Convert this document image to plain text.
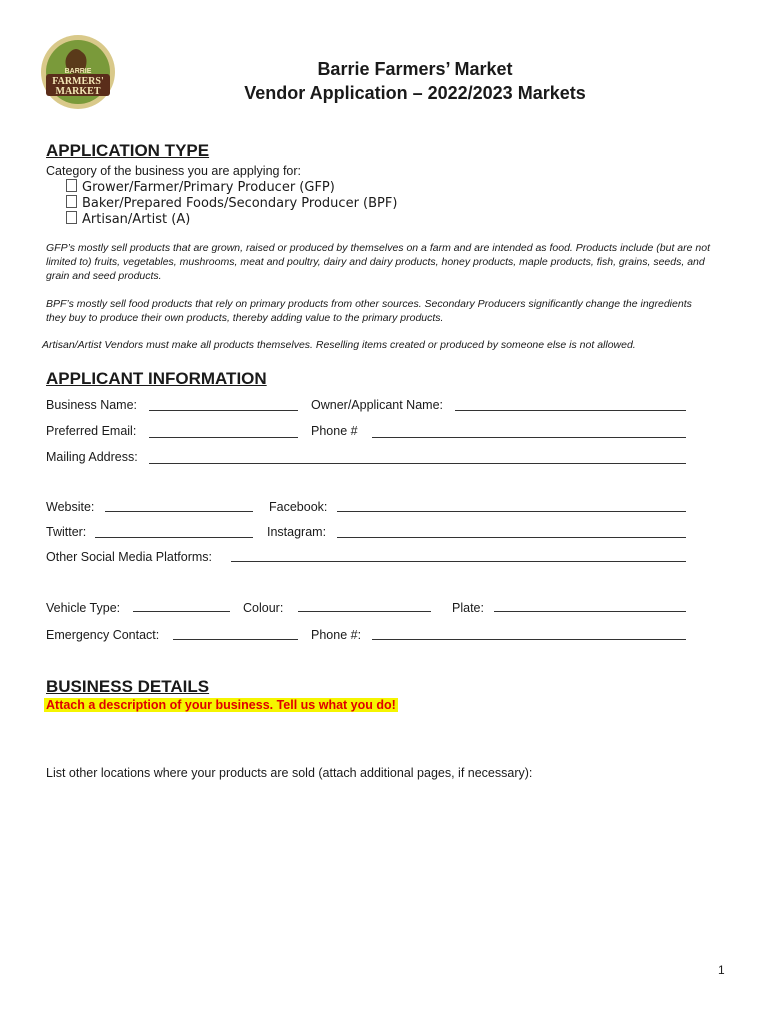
BARRIE
FARMERS'
MARKET
Barrie Farmers’ Market
Vendor Application – 2022/2023 Markets
APPLICATION TYPE
Category of the business you are applying for:
Grower/Farmer/Primary Producer (GFP)
Baker/Prepared Foods/Secondary Producer (BPF)
Artisan/Artist (A)
GFP’s mostly sell products that are grown, raised or produced by themselves on a farm and are intended as food. Products include (but are not limited to) fruits, vegetables, mushrooms, meat and poultry, dairy and dairy products, honey products, maple products, fish, grains, seeds, and grain and seed products.
BPF’s mostly sell food products that rely on primary products from other sources. Secondary Producers significantly change the ingredients they buy to produce their own products, thereby adding value to the primary products.
Artisan/Artist Vendors must make all products themselves. Reselling items created or produced by someone else is not allowed.
APPLICANT INFORMATION
Business Name:	Owner/Applicant Name:
Preferred Email:	Phone #
Mailing Address:
Website:	Facebook:
Twitter:	Instagram:
Other Social Media Platforms:
Vehicle Type:	Colour:	Plate:
Emergency Contact:	Phone #:
BUSINESS DETAILS
Attach a description of your business. Tell us what you do!
List other locations where your products are sold (attach additional pages, if necessary):
1
